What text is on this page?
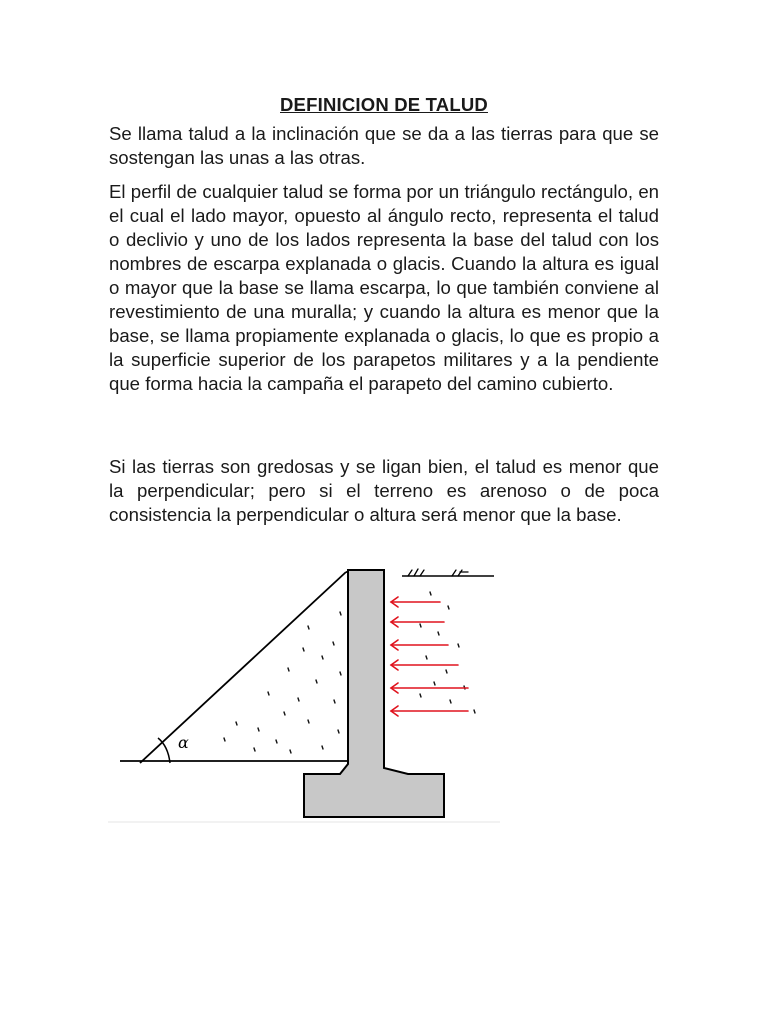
DEFINICION DE TALUD
Se llama talud a la inclinación que se da a las tierras para que se sostengan las unas a las otras.
El perfil de cualquier talud se forma por un triángulo rectángulo, en el cual el lado mayor, opuesto al ángulo recto, representa el talud o declivio y uno de los lados representa la base del talud con los nombres de escarpa explanada o glacis. Cuando la altura es igual o mayor que la base se llama escarpa, lo que también conviene al revestimiento de una muralla; y cuando la altura es menor que la base, se llama propiamente explanada o glacis, lo que es propio a la superficie superior de los parapetos militares y a la pendiente que forma hacia la campaña el parapeto del camino cubierto.
Si las tierras son gredosas y se ligan bien, el talud es menor que la perpendicular; pero si el terreno es arenoso o de poca consistencia la perpendicular o altura será menor que la base.
α
